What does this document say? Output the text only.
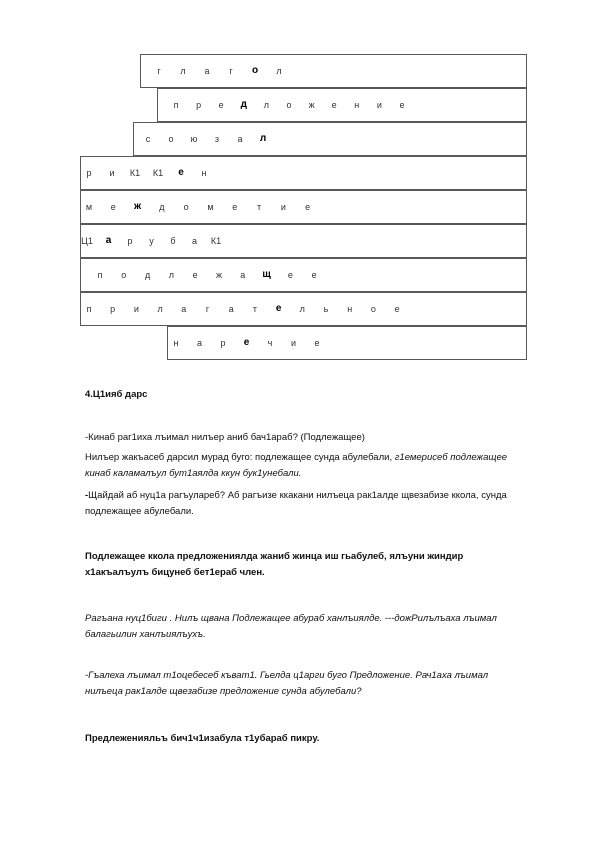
г	л	а	г	о	л
п	р	е	д	л	о	ж	е	н	и	е
с	о	ю	з	а	л
р	и	К1	К1	е	н
м	е	ж	д	о	м	е	т	и	е
Ц1	а	р	у	б	а	К1
п	о	д	л	е	ж	а	щ	е	е
п	р	и	л	а	г	а	т	е	л	ь	н	о	е
н	а	р	е	ч	и	е

4.Ц1ияб дарс

-Кинаб раг1иха лъимал нилъер аниб бач1араб? (Подлежащее)

Нилъер жакъасеб дарсил мурад буго: подлежащее сунда абулебали, г1емерисеб подлежащее кинаб каламалъул бут1аялда ккун бук1унебали.

-Щайдай аб нуц1а рагъулареб? Аб рагъизе ккакани нилъеца рак1алде щвезабизе ккола, сунда подлежащее абулебали.

Подлежащее ккола предложениялда жаниб жинца иш гьабулеб, ялъуни жиндир х1акъалъулъ бицунеб бет1ераб член.

Рагъана нуц1биги . Нилъ щвана Подлежащее абураб ханлъиялде. ---дожРилълъаха лъимал балагьилин ханлъиялъухъ.

-Гъалеха лъимал т1оцебесеб къват1. Гьелда ц1арги буго Предложение. Рач1аха лъимал нилъеца рак1алде щвезабизе предложение сунда абулебали?

Предлеженияльъ бич1ч1изабула т1убараб пикру.
